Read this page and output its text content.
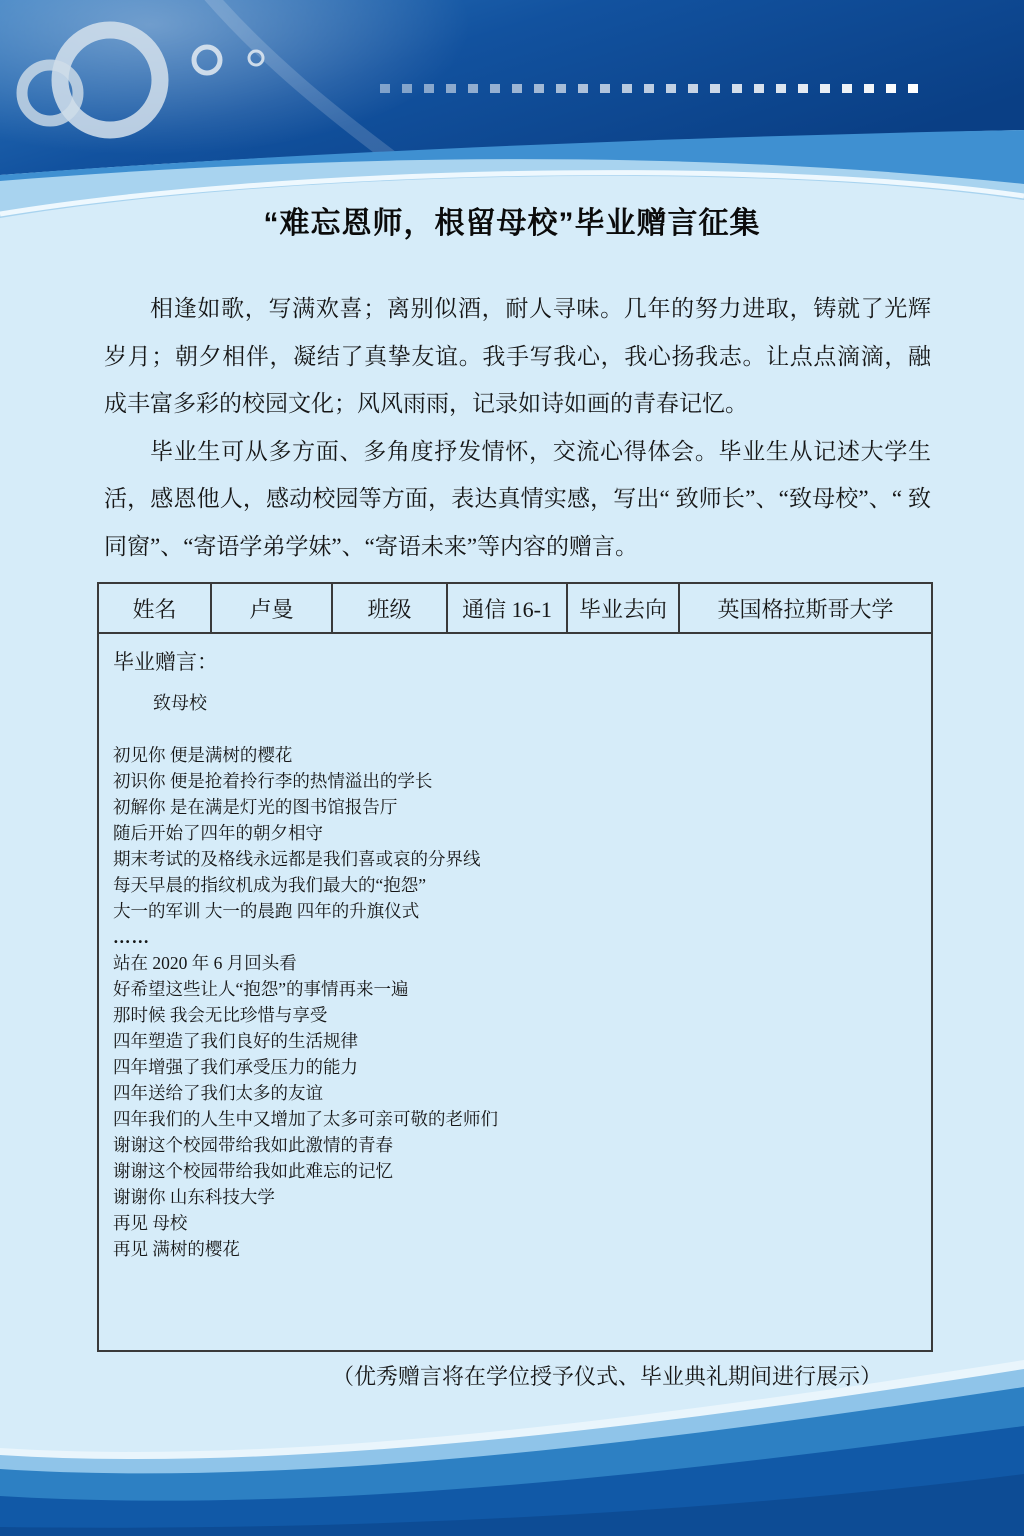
“难忘恩师，根留母校”毕业赠言征集

相逢如歌，写满欢喜；离别似酒，耐人寻味。几年的努力进取，铸就了光辉岁月；朝夕相伴，凝结了真挚友谊。我手写我心，我心扬我志。让点点滴滴，融成丰富多彩的校园文化；风风雨雨，记录如诗如画的青春记忆。

毕业生可从多方面、多角度抒发情怀，交流心得体会。毕业生从记述大学生活，感恩他人，感动校园等方面，表达真情实感，写出“ 致师长”、“致母校”、“ 致同窗”、“寄语学弟学妹”、“寄语未来”等内容的赠言。

姓名	卢曼	班级	通信 16-1	毕业去向	英国格拉斯哥大学

毕业赠言：
致母校
初见你 便是满树的樱花
初识你 便是抢着拎行李的热情溢出的学长
初解你 是在满是灯光的图书馆报告厅
随后开始了四年的朝夕相守
期末考试的及格线永远都是我们喜或哀的分界线
每天早晨的指纹机成为我们最大的“抱怨”
大一的军训 大一的晨跑 四年的升旗仪式
……
站在 2020 年 6 月回头看
好希望这些让人“抱怨”的事情再来一遍
那时候 我会无比珍惜与享受
四年塑造了我们良好的生活规律
四年增强了我们承受压力的能力
四年送给了我们太多的友谊
四年我们的人生中又增加了太多可亲可敬的老师们
谢谢这个校园带给我如此激情的青春
谢谢这个校园带给我如此难忘的记忆
谢谢你 山东科技大学
再见 母校
再见 满树的樱花
（优秀赠言将在学位授予仪式、毕业典礼期间进行展示）
